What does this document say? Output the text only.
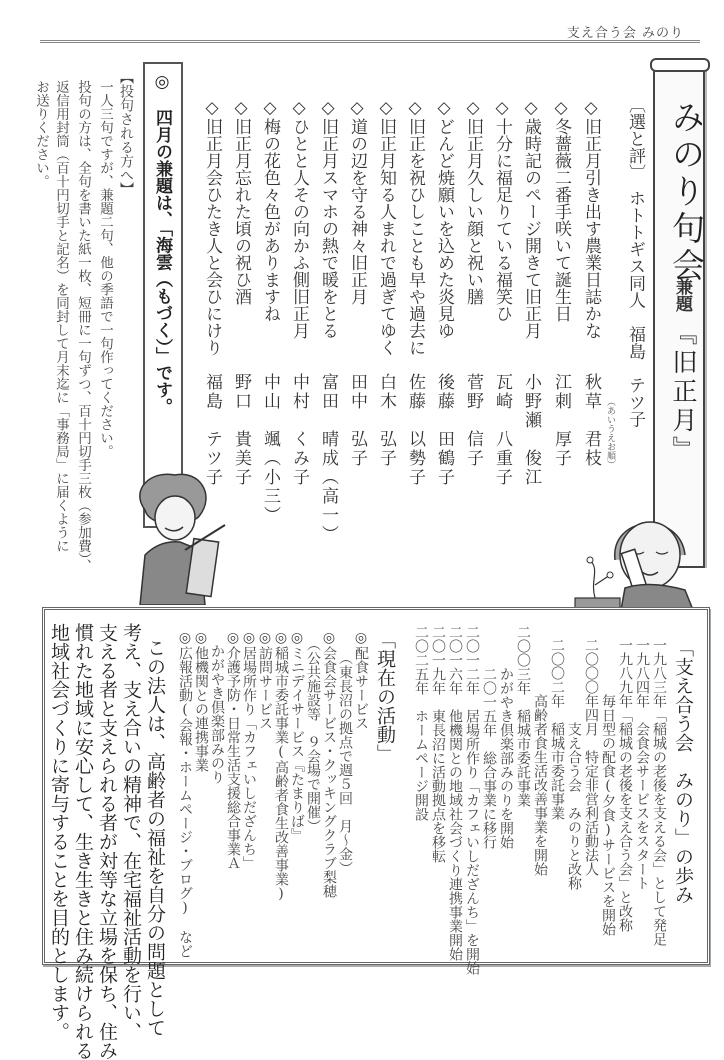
支え合う会 みのり
みのり句会
兼題
『旧正月』
〔選と評〕　ホトトギス同人　福島　テツ子
（あいうえお順）
◇旧正月引き出す農業日誌かな
◇冬薔薇二番手咲いて誕生日
◇歳時記のページ開きて旧正月
◇十分に福足りている福笑ひ
◇旧正月久しい顔と祝い膳
◇どんど焼願いを込めた炎見ゆ
◇旧正を祝ひしことも早や過去に
◇旧正月知る人まれで過ぎてゆく
◇道の辺を守る神々旧正月
◇旧正月スマホの熱で暖をとる
◇ひとと人その向かふ側旧正月
◇梅の花色々色がありますね
◇旧正月忘れた頃の祝ひ酒
◇旧正月会ひたき人と会ひにけり
秋草　君枝
江刺　厚子
小野瀬　俊江
瓦崎　八重子
菅野　信子
後藤　田鶴子
佐藤　以勢子
白木　弘子
田中　弘子
富田　晴成（高一）
中村　くみ子
中山　颯（小三）
野口　貴美子
福島　テツ子
◎　四月の兼題は、「海雲（もづく）」です。
【投句される方へ】
一人三句ですが、兼題二句、他の季語で一句作ってください。
投句の方は、全句を書いた紙一枚、短冊に一句ずつ、百十円切手三枚（参加費）、
返信用封筒（百十円切手と記名）を同封して月末迄に「事務局」に届くように
お送りください。
「支え合う会　みのり」の歩み
一九八三年「稲城の老後を支える会」として発足
一九八四年　会食会サービスをスタート
一九八九年「稲城の老後を支え合う会」と改称
　　　　毎日型の配食(夕食)サービスを開始
二〇〇〇年四月　特定非営利活動法人
　　　　　　支え合う会　みのりと改称
二〇〇二年　稲城市委託事業
　　　　高齢者食生活改善事業を開始
二〇〇三年　稲城市委託事業
　　　かがやき倶楽部みのりを開始
　　　二〇一五年　総合事業に移行
二〇一二年　居場所作り「カフェいしだざんち」を開始
二〇一六年　他機関との地域社会づくり連携事業開始
二〇一九年　東長沼に活動拠点を移転
二〇二五年　ホームページ開設
「現在の活動」
◎配食サービス
　　（東長沼の拠点で週５回　月～金）
◎会食会サービス・クッキングクラブ梨穂
　（公共施設等　９会場で開催）
◎ミニデイサービス『たまりば』
◎稲城市委託事業(高齢者食生改善事業)
◎訪問サービス
◎居場所作り「カフェいしだざんち」
◎介護予防・日常生活支援総合事業Ａ
　かがやき倶楽部みのり
◎他機関との連携事業
◎広報活動(会報・ホームページ・ブログ)　など
この法人は、高齢者の福祉を自分の問題として
考え、支え合いの精神で、在宅福祉活動を行い、
支える者と支えられる者が対等な立場を保ち、住み
慣れた地域に安心して、生き生きと住み続けられる
地域社会づくりに寄与することを目的とします。
